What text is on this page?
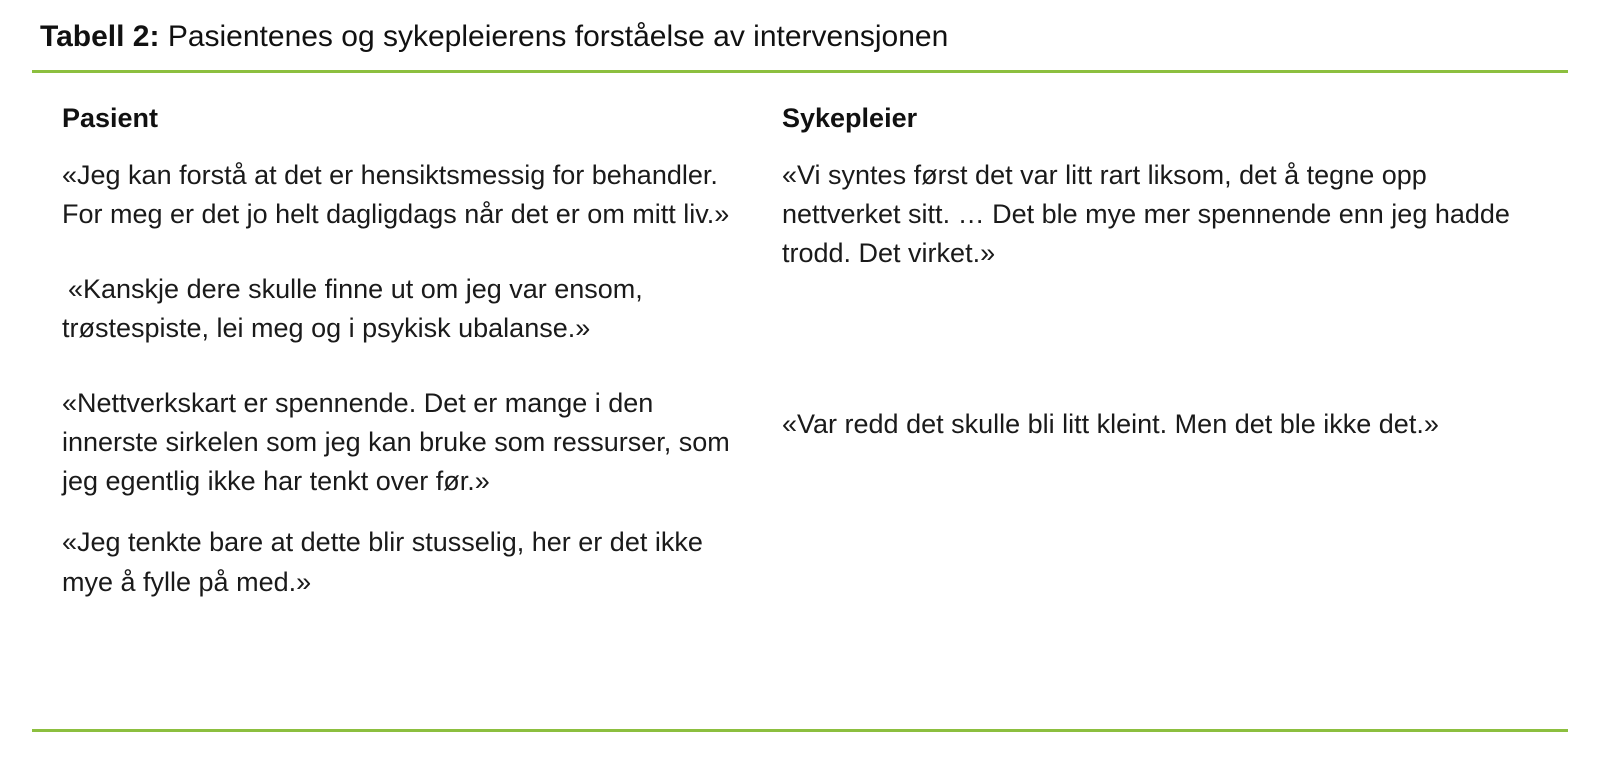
Tabell 2: Pasientenes og sykepleierens forståelse av intervensjonen
Pasient

«Jeg kan forstå at det er hensiktsmessig for behandler. For meg er det jo helt dagligdags når det er om mitt liv.»

«Kanskje dere skulle finne ut om jeg var ensom, trøstespiste, lei meg og i psykisk ubalanse.»

«Nettverkskart er spennende. Det er mange i den innerste sirkelen som jeg kan bruke som ressurser, som jeg egentlig ikke har tenkt over før.»

«Jeg tenkte bare at dette blir stusselig, her er det ikke mye å fylle på med.»

Sykepleier

«Vi syntes først det var litt rart liksom, det å tegne opp nettverket sitt. … Det ble mye mer spennende enn jeg hadde trodd. Det virket.»

«Var redd det skulle bli litt kleint. Men det ble ikke det.»
